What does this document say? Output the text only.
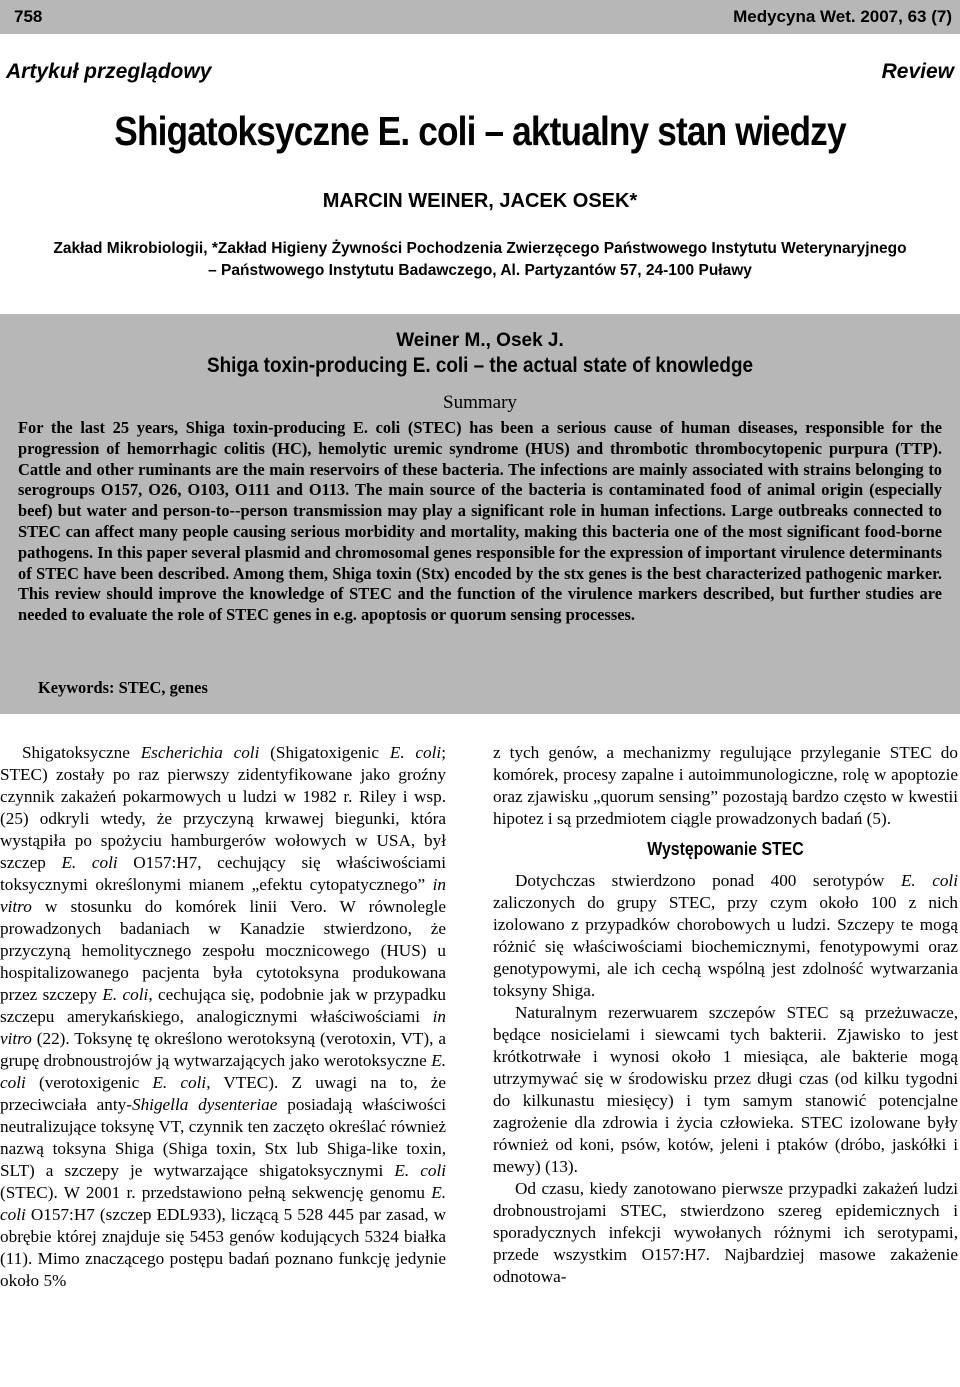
758	Medycyna Wet. 2007, 63 (7)
Artykuł przeglądowy	Review
Shigatoksyczne E. coli – aktualny stan wiedzy
MARCIN WEINER, JACEK OSEK*
Zakład Mikrobiologii, *Zakład Higieny Żywności Pochodzenia Zwierzęcego Państwowego Instytutu Weterynaryjnego
– Państwowego Instytutu Badawczego, Al. Partyzantów 57, 24-100 Puławy
Weiner M., Osek J.
Shiga toxin-producing E. coli – the actual state of knowledge
Summary
For the last 25 years, Shiga toxin-producing E. coli (STEC) has been a serious cause of human diseases, responsible for the progression of hemorrhagic colitis (HC), hemolytic uremic syndrome (HUS) and thrombotic thrombocytopenic purpura (TTP). Cattle and other ruminants are the main reservoirs of these bacteria. The infections are mainly associated with strains belonging to serogroups O157, O26, O103, O111 and O113. The main source of the bacteria is contaminated food of animal origin (especially beef) but water and person-to--person transmission may play a significant role in human infections. Large outbreaks connected to STEC can affect many people causing serious morbidity and mortality, making this bacteria one of the most significant food-borne pathogens. In this paper several plasmid and chromosomal genes responsible for the expression of important virulence determinants of STEC have been described. Among them, Shiga toxin (Stx) encoded by the stx genes is the best characterized pathogenic marker. This review should improve the knowledge of STEC and the function of the virulence markers described, but further studies are needed to evaluate the role of STEC genes in e.g. apoptosis or quorum sensing processes.
Keywords: STEC, genes

Shigatoksyczne Escherichia coli (Shigatoxigenic E. coli; STEC) zostały po raz pierwszy zidentyfikowane jako groźny czynnik zakażeń pokarmowych u ludzi w 1982 r. Riley i wsp. (25) odkryli wtedy, że przyczyną krwawej biegunki, która wystąpiła po spożyciu hamburgerów wołowych w USA, był szczep E. coli O157:H7, cechujący się właściwościami toksycznymi określonymi mianem „efektu cytopatycznego” in vitro w stosunku do komórek linii Vero. W równolegle prowadzonych badaniach w Kanadzie stwierdzono, że przyczyną hemolitycznego zespołu mocznicowego (HUS) u hospitalizowanego pacjenta była cytotoksyna produkowana przez szczepy E. coli, cechująca się, podobnie jak w przypadku szczepu amerykańskiego, analogicznymi właściwościami in vitro (22). Toksynę tę określono werotoksyną (verotoxin, VT), a grupę drobnoustrojów ją wytwarzających jako werotoksyczne E. coli (verotoxigenic E. coli, VTEC). Z uwagi na to, że przeciwciała anty-Shigella dysenteriae posiadają właściwości neutralizujące toksynę VT, czynnik ten zaczęto określać również nazwą toksyna Shiga (Shiga toxin, Stx lub Shiga-like toxin, SLT) a szczepy je wytwarzające shigatoksycznymi E. coli (STEC). W 2001 r. przedstawiono pełną sekwencję genomu E. coli O157:H7 (szczep EDL933), liczącą 5 528 445 par zasad, w obrębie której znajduje się 5453 genów kodujących 5324 białka (11). Mimo znaczącego postępu badań poznano funkcję jedynie około 5%

z tych genów, a mechanizmy regulujące przyleganie STEC do komórek, procesy zapalne i autoimmunologiczne, rolę w apoptozie oraz zjawisku „quorum sensing” pozostają bardzo często w kwestii hipotez i są przedmiotem ciągle prowadzonych badań (5).

Występowanie STEC

Dotychczas stwierdzono ponad 400 serotypów E. coli zaliczonych do grupy STEC, przy czym około 100 z nich izolowano z przypadków chorobowych u ludzi. Szczepy te mogą różnić się właściwościami biochemicznymi, fenotypowymi oraz genotypowymi, ale ich cechą wspólną jest zdolność wytwarzania toksyny Shiga.

Naturalnym rezerwuarem szczepów STEC są przeżuwacze, będące nosicielami i siewcami tych bakterii. Zjawisko to jest krótkotrwałe i wynosi około 1 miesiąca, ale bakterie mogą utrzymywać się w środowisku przez długi czas (od kilku tygodni do kilkunastu miesięcy) i tym samym stanowić potencjalne zagrożenie dla zdrowia i życia człowieka. STEC izolowane były również od koni, psów, kotów, jeleni i ptaków (dróbo, jaskółki i mewy) (13).

Od czasu, kiedy zanotowano pierwsze przypadki zakażeń ludzi drobnoustrojami STEC, stwierdzono szereg epidemicznych i sporadycznych infekcji wywołanych różnymi ich serotypami, przede wszystkim O157:H7. Najbardziej masowe zakażenie odnotowa-
